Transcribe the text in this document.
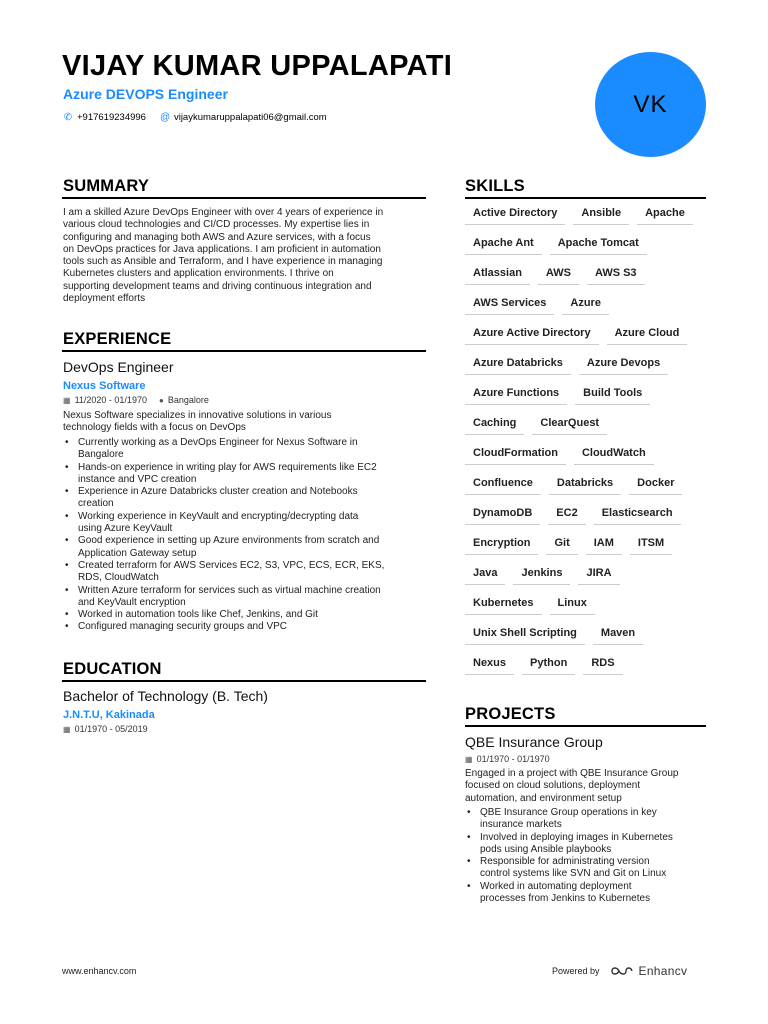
VIJAY KUMAR UPPALAPATI
Azure DEVOPS Engineer
✆ +917619234996 @ vijaykumaruppalapati06@gmail.com	VK
SUMMARY
I am a skilled Azure DevOps Engineer with over 4 years of experience in
various cloud technologies and CI/CD processes. My expertise lies in
configuring and managing both AWS and Azure services, with a focus
on DevOps practices for Java applications. I am proficient in automation
tools such as Ansible and Terraform, and I have experience in managing
Kubernetes clusters and application environments. I thrive on
supporting development teams and driving continuous integration and
deployment efforts
EXPERIENCE
DevOps Engineer
Nexus Software
▦ 11/2020 - 01/1970 ● Bangalore
Nexus Software specializes in innovative solutions in various
technology fields with a focus on DevOps
• Currently working as a DevOps Engineer for Nexus Software in
Bangalore
• Hands-on experience in writing play for AWS requirements like EC2
instance and VPC creation
• Experience in Azure Databricks cluster creation and Notebooks
creation
• Working experience in KeyVault and encrypting/decrypting data
using Azure KeyVault
• Good experience in setting up Azure environments from scratch and
Application Gateway setup
• Created terraform for AWS Services EC2, S3, VPC, ECS, ECR, EKS,
RDS, CloudWatch
• Written Azure terraform for services such as virtual machine creation
and KeyVault encryption
• Worked in automation tools like Chef, Jenkins, and Git
• Configured managing security groups and VPC
EDUCATION
Bachelor of Technology (B. Tech)
J.N.T.U, Kakinada
▦ 01/1970 - 05/2019
SKILLS
Active Directory	Ansible	Apache
Apache Ant	Apache Tomcat
Atlassian	AWS	AWS S3
AWS Services	Azure
Azure Active Directory	Azure Cloud
Azure Databricks	Azure Devops
Azure Functions	Build Tools
Caching	ClearQuest
CloudFormation	CloudWatch
Confluence	Databricks	Docker
DynamoDB	EC2	Elasticsearch
Encryption	Git	IAM	ITSM
Java	Jenkins	JIRA
Kubernetes	Linux
Unix Shell Scripting	Maven
Nexus	Python	RDS
PROJECTS
QBE Insurance Group
▦ 01/1970 - 01/1970
Engaged in a project with QBE Insurance Group
focused on cloud solutions, deployment
automation, and environment setup
• QBE Insurance Group operations in key
insurance markets
• Involved in deploying images in Kubernetes
pods using Ansible playbooks
• Responsible for administrating version
control systems like SVN and Git on Linux
• Worked in automating deployment
processes from Jenkins to Kubernetes
www.enhancv.com	Powered by	Enhancv
